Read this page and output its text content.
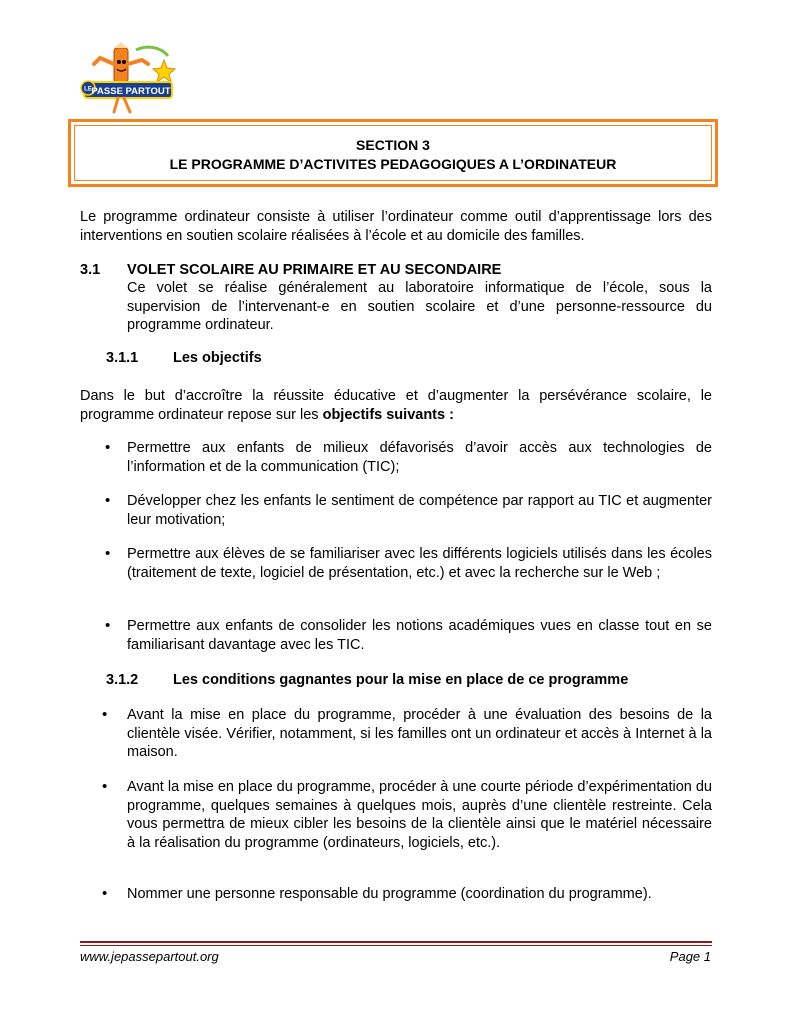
LE PASSE PARTOUT
SECTION 3
LE PROGRAMME D’ACTIVITES PEDAGOGIQUES A L’ORDINATEUR
Le programme ordinateur consiste à utiliser l’ordinateur comme outil d’apprentissage lors des interventions en soutien scolaire réalisées à l’école et au domicile des familles.
3.1 VOLET SCOLAIRE AU PRIMAIRE ET AU SECONDAIRE
Ce volet se réalise généralement au laboratoire informatique de l’école, sous la supervision de l’intervenant-e en soutien scolaire et d’une personne-ressource du programme ordinateur.
3.1.1 Les objectifs
Dans le but d’accroître la réussite éducative et d’augmenter la persévérance scolaire, le programme ordinateur repose sur les objectifs suivants :
• Permettre aux enfants de milieux défavorisés d’avoir accès aux technologies de l’information et de la communication (TIC);
• Développer chez les enfants le sentiment de compétence par rapport au TIC et augmenter leur motivation;
• Permettre aux élèves de se familiariser avec les différents logiciels utilisés dans les écoles (traitement de texte, logiciel de présentation, etc.) et avec la recherche sur le Web ;
• Permettre aux enfants de consolider les notions académiques vues en classe tout en se familiarisant davantage avec les TIC.
3.1.2 Les conditions gagnantes pour la mise en place de ce programme
• Avant la mise en place du programme, procéder à une évaluation des besoins de la clientèle visée. Vérifier, notamment, si les familles ont un ordinateur et accès à Internet à la maison.
• Avant la mise en place du programme, procéder à une courte période d’expérimentation du programme, quelques semaines à quelques mois, auprès d’une clientèle restreinte. Cela vous permettra de mieux cibler les besoins de la clientèle ainsi que le matériel nécessaire à la réalisation du programme (ordinateurs, logiciels, etc.).
• Nommer une personne responsable du programme (coordination du programme).
www.jepassepartout.org	Page 1
